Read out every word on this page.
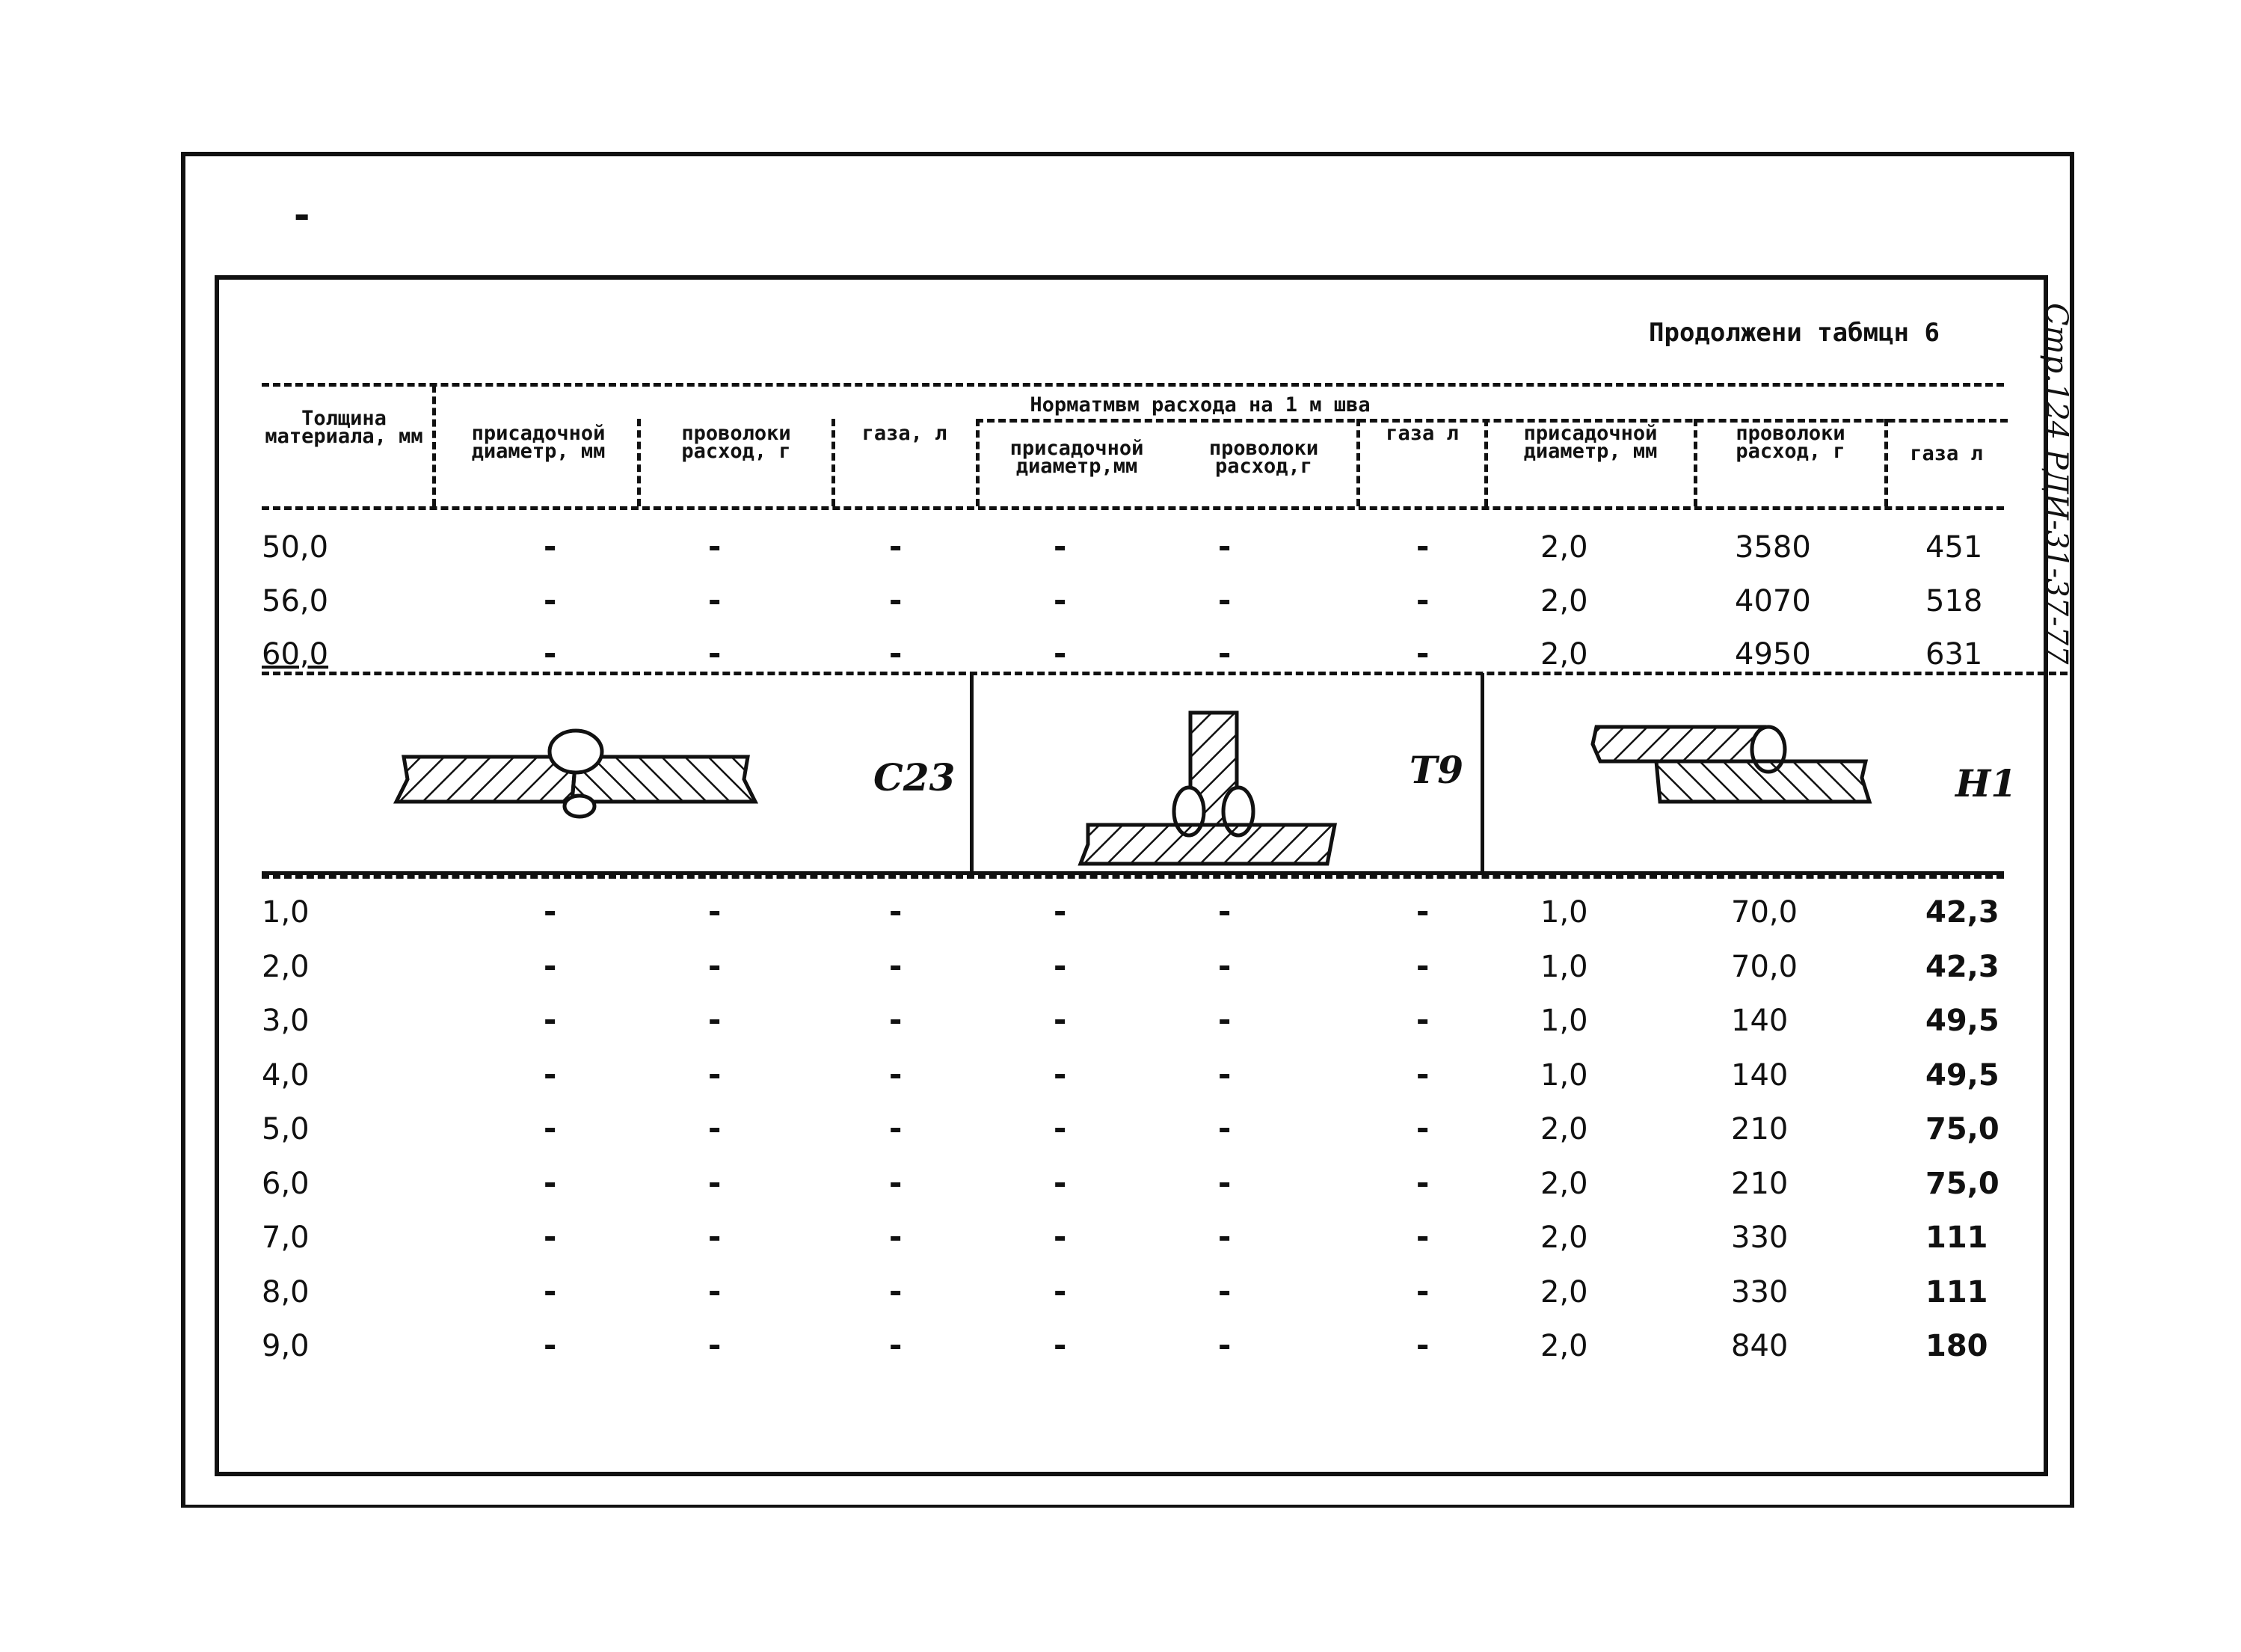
-
Продолжени табмцн 6	Стр.124 РДИ-31-37-77
Толщина материала, мм
Норматмвм расхода на 1 м шва
присадочной диаметр, мм
проволоки расход, г
газа, л
присадочной диаметр,мм
проволоки расход,г
газа л	присадочной диаметр, мм
проволоки расход, г	газа л
50,0	-	-	-	-	-	-	2,0	3580	451
56,0	-	-	-	-	-	-	2,0	4070	518
60,0	-	-	-	-	-	-	2,0	4950	631
С23	Т9	Н1
1,0	-	-	-	-	-	-	1,0	70,0	42,3
2,0	-	-	-	-	-	-	1,0	70,0	42,3
3,0	-	-	-	-	-	-	1,0	140	49,5
4,0	-	-	-	-	-	-	1,0	140	49,5
5,0	-	-	-	-	-	-	2,0	210	75,0
6,0	-	-	-	-	-	-	2,0	210	75,0
7,0	-	-	-	-	-	-	2,0	330	111
8,0	-	-	-	-	-	-	2,0	330	111
9,0	-	-	-	-	-	-	2,0	840	180
